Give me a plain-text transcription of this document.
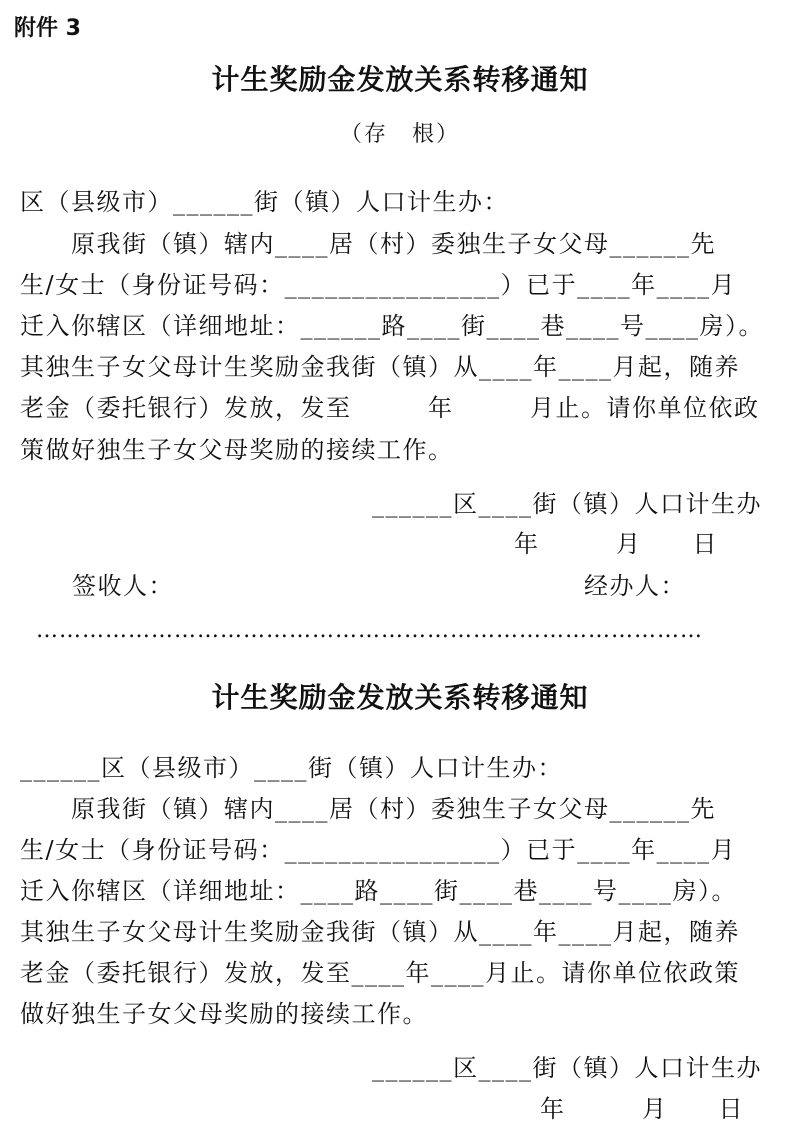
附件 3
计生奖励金发放关系转移通知
（存　根）
区（县级市）______街（镇）人口计生办：
　　原我街（镇）辖内____居（村）委独生子女父母______先
生/女士（身份证号码：________________）已于____年____月
迁入你辖区（详细地址：______路____街____巷____号____房）。
其独生子女父母计生奖励金我街（镇）从____年____月起，随养
老金（委托银行）发放，发至　　　年　　　月止。请你单位依政
策做好独生子女父母奖励的接续工作。
______区____街（镇）人口计生办
年　　　月　　日
签收人：	经办人：
……………………………………………………………………………
计生奖励金发放关系转移通知
______区（县级市）____街（镇）人口计生办：
　　原我街（镇）辖内____居（村）委独生子女父母______先
生/女士（身份证号码：________________）已于____年____月
迁入你辖区（详细地址：____路____街____巷____号____房）。
其独生子女父母计生奖励金我街（镇）从____年____月起，随养
老金（委托银行）发放，发至____年____月止。请你单位依政策
做好独生子女父母奖励的接续工作。
______区____街（镇）人口计生办
年　　　月　　日
